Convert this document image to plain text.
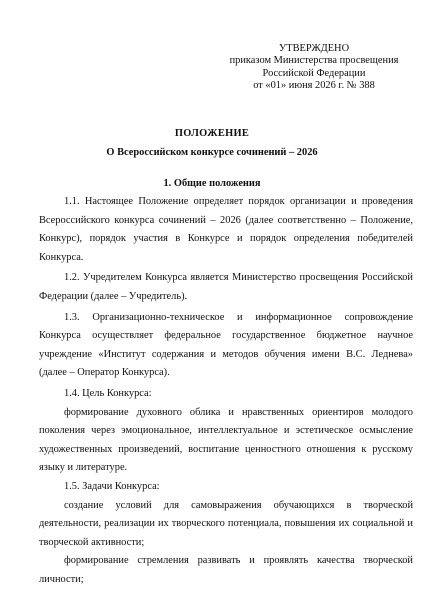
УТВЕРЖДЕНО
приказом Министерства просвещения
Российской Федерации
от «01» июня 2026 г. № 388
ПОЛОЖЕНИЕ
О Всероссийском конкурсе сочинений – 2026
1. Общие положения
1.1. Настоящее Положение определяет порядок организации и проведения Всероссийского конкурса сочинений – 2026 (далее соответственно – Положение, Конкурс), порядок участия в Конкурсе и порядок определения победителей Конкурса.
1.2. Учредителем Конкурса является Министерство просвещения Российской Федерации (далее – Учредитель).
1.3. Организационно-техническое и информационное сопровождение Конкурса осуществляет федеральное государственное бюджетное научное учреждение «Институт содержания и методов обучения имени В.С. Леднева» (далее – Оператор Конкурса).
1.4. Цель Конкурса:
формирование духовного облика и нравственных ориентиров молодого поколения через эмоциональное, интеллектуальное и эстетическое осмысление художественных произведений, воспитание ценностного отношения к русскому языку и литературе.
1.5. Задачи Конкурса:
создание условий для самовыражения обучающихся в творческой деятельности, реализации их творческого потенциала, повышения их социальной и творческой активности;
формирование стремления развивать и проявлять качества творческой личности;
